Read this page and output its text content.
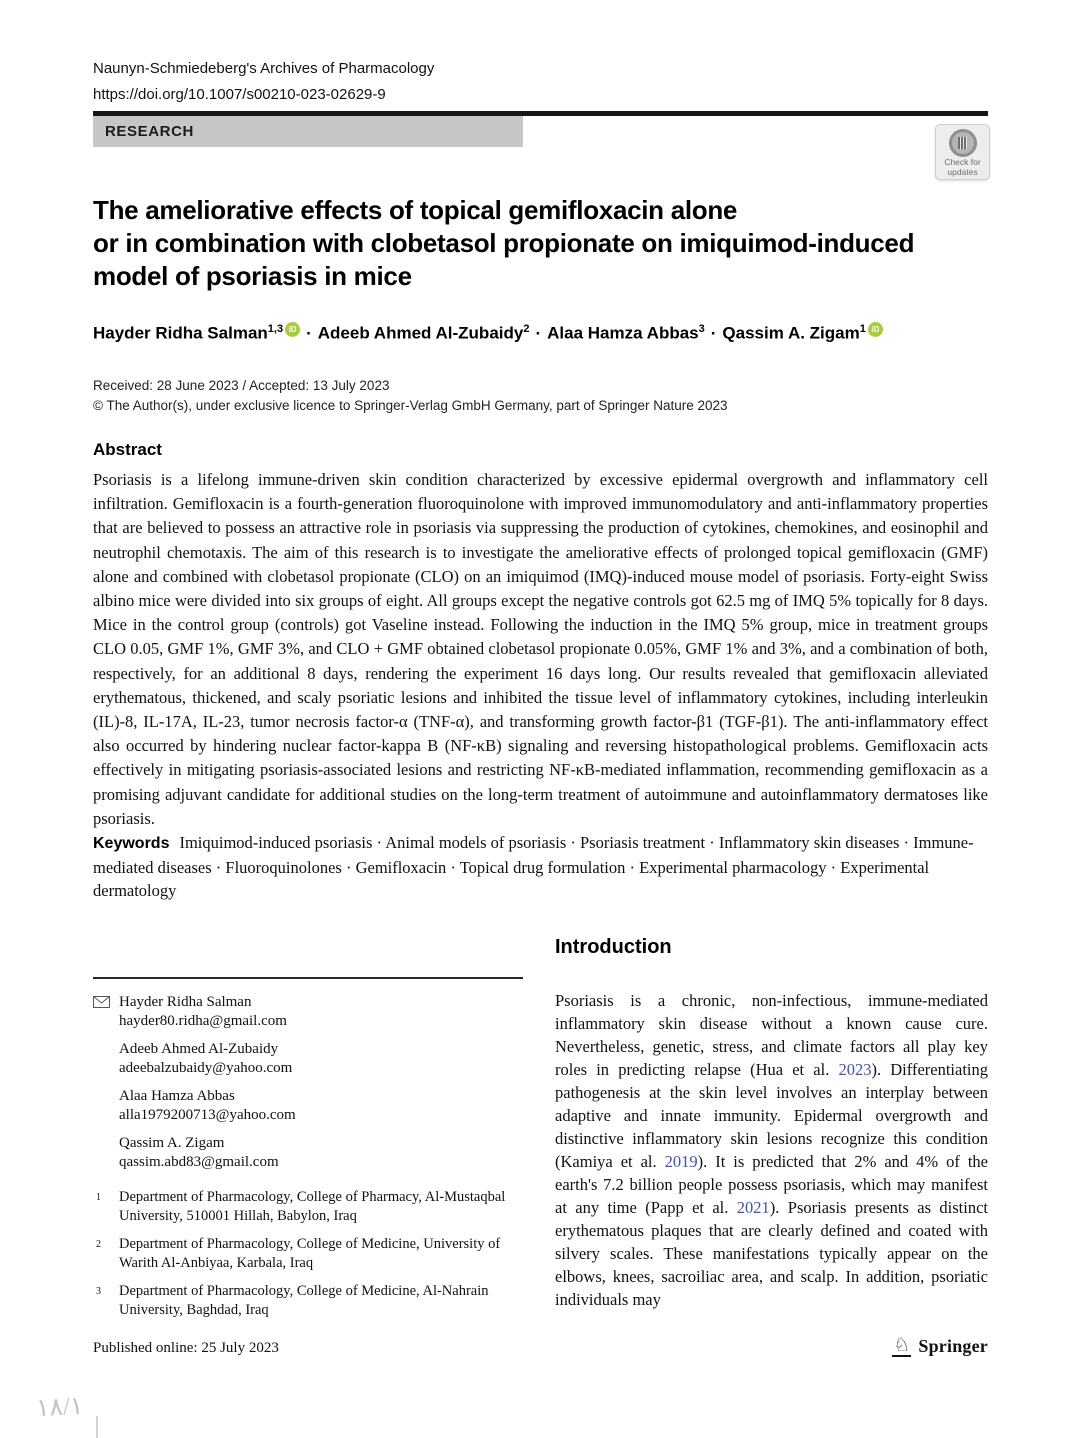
Naunyn-Schmiedeberg's Archives of Pharmacology
https://doi.org/10.1007/s00210-023-02629-9
RESEARCH
Check for updates
The ameliorative effects of topical gemifloxacin alone
or in combination with clobetasol propionate on imiquimod-induced
model of psoriasis in mice
Hayder Ridha Salman$^{1,3}$ iD · Adeeb Ahmed Al-Zubaidy$^2$ · Alaa Hamza Abbas$^3$ · Qassim A. Zigam$^1$ iD
Received: 28 June 2023 / Accepted: 13 July 2023
© The Author(s), under exclusive licence to Springer-Verlag GmbH Germany, part of Springer Nature 2023
Abstract
Psoriasis is a lifelong immune-driven skin condition characterized by excessive epidermal overgrowth and inflammatory cell infiltration. Gemifloxacin is a fourth-generation fluoroquinolone with improved immunomodulatory and anti-inflammatory properties that are believed to possess an attractive role in psoriasis via suppressing the production of cytokines, chemokines, and eosinophil and neutrophil chemotaxis. The aim of this research is to investigate the ameliorative effects of prolonged topical gemifloxacin (GMF) alone and combined with clobetasol propionate (CLO) on an imiquimod (IMQ)-induced mouse model of psoriasis. Forty-eight Swiss albino mice were divided into six groups of eight. All groups except the negative controls got 62.5 mg of IMQ 5% topically for 8 days. Mice in the control group (controls) got Vaseline instead. Following the induction in the IMQ 5% group, mice in treatment groups CLO 0.05, GMF 1%, GMF 3%, and CLO + GMF obtained clobetasol propionate 0.05%, GMF 1% and 3%, and a combination of both, respectively, for an additional 8 days, rendering the experiment 16 days long. Our results revealed that gemifloxacin alleviated erythematous, thickened, and scaly psoriatic lesions and inhibited the tissue level of inflammatory cytokines, including interleukin (IL)-8, IL-17A, IL-23, tumor necrosis factor-α (TNF-α), and transforming growth factor-β1 (TGF-β1). The anti-inflammatory effect also occurred by hindering nuclear factor-kappa B (NF-κB) signaling and reversing histopathological problems. Gemifloxacin acts effectively in mitigating psoriasis-associated lesions and restricting NF-κB-mediated inflammation, recommending gemifloxacin as a promising adjuvant candidate for additional studies on the long-term treatment of autoimmune and autoinflammatory dermatoses like psoriasis.
Keywords Imiquimod-induced psoriasis · Animal models of psoriasis · Psoriasis treatment · Inflammatory skin diseases · Immune-mediated diseases · Fluoroquinolones · Gemifloxacin · Topical drug formulation · Experimental pharmacology · Experimental dermatology
Hayder Ridha Salman
hayder80.ridha@gmail.com
Adeeb Ahmed Al-Zubaidy
adeebalzubaidy@yahoo.com
Alaa Hamza Abbas
alla1979200713@yahoo.com
Qassim A. Zigam
qassim.abd83@gmail.com
1 Department of Pharmacology, College of Pharmacy, Al-Mustaqbal University, 510001 Hillah, Babylon, Iraq
2 Department of Pharmacology, College of Medicine, University of Warith Al-Anbiyaa, Karbala, Iraq
3 Department of Pharmacology, College of Medicine, Al-Nahrain University, Baghdad, Iraq
Introduction
Psoriasis is a chronic, non-infectious, immune-mediated inflammatory skin disease without a known cause cure. Nevertheless, genetic, stress, and climate factors all play key roles in predicting relapse (Hua et al. 2023). Differentiating pathogenesis at the skin level involves an interplay between adaptive and innate immunity. Epidermal overgrowth and distinctive inflammatory skin lesions recognize this condition (Kamiya et al. 2019). It is predicted that 2% and 4% of the earth's 7.2 billion people possess psoriasis, which may manifest at any time (Papp et al. 2021). Psoriasis presents as distinct erythematous plaques that are clearly defined and coated with silvery scales. These manifestations typically appear on the elbows, knees, sacroiliac area, and scalp. In addition, psoriatic individuals may
Published online: 25 July 2023	♘ Springer
١٨/١
